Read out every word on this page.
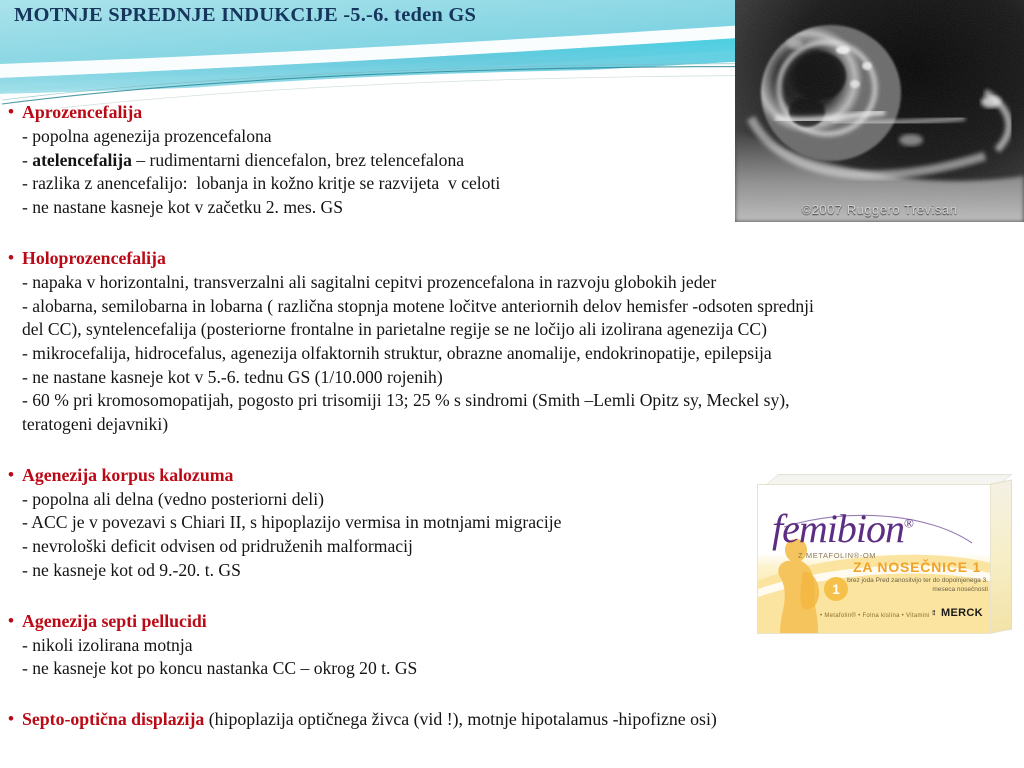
MOTNJE SPREDNJE INDUKCIJE -5.-6. teden GS
• Aprozencefalija
- popolna agenezija prozencefalona
- atelencefalija – rudimentarni diencefalon, brez telencefalona
- razlika z anencefalijo:  lobanja in kožno kritje se razvijeta  v celoti
- ne nastane kasneje kot v začetku 2. mes. GS
• Holoprozencefalija
- napaka v horizontalni, transverzalni ali sagitalni cepitvi prozencefalona in razvoju globokih jeder
- alobarna, semilobarna in lobarna ( različna stopnja motene ločitve anteriornih delov hemisfer -odsoten sprednji
del CC), syntelencefalija (posteriorne frontalne in parietalne regije se ne ločijo ali izolirana agenezija CC)
- mikrocefalija, hidrocefalus, agenezija olfaktornih struktur, obrazne anomalije, endokrinopatije, epilepsija
- ne nastane kasneje kot v 5.-6. tednu GS (1/10.000 rojenih)
- 60 % pri kromosomopatijah, pogosto pri trisomiji 13; 25 % s sindromi (Smith –Lemli Opitz sy, Meckel sy),
teratogeni dejavniki)
• Agenezija korpus kalozuma
- popolna ali delna (vedno posteriorni deli)
- ACC je v povezavi s Chiari II, s hipoplazijo vermisa in motnjami migracije
- nevrološki deficit odvisen od pridruženih malformacij
- ne kasneje kot od 9.-20. t. GS
• Agenezija septi pellucidi
- nikoli izolirana motnja
- ne kasneje kot po koncu nastanka CC – okrog 20 t. GS
• Septo-optična displazija (hipoplazija optičnega živca (vid !), motnje hipotalamus -hipofizne osi)
©2007 Ruggero Trevisan
femibion®
Z METAFOLIN®-OM
ZA NOSEČNICE 1
brez joda Pred zanositvijo ter do dopolnjenega 3. meseca nosečnosti
1
• Metafolin® • Folna kislina • Vitamini ⣿ MERCK
